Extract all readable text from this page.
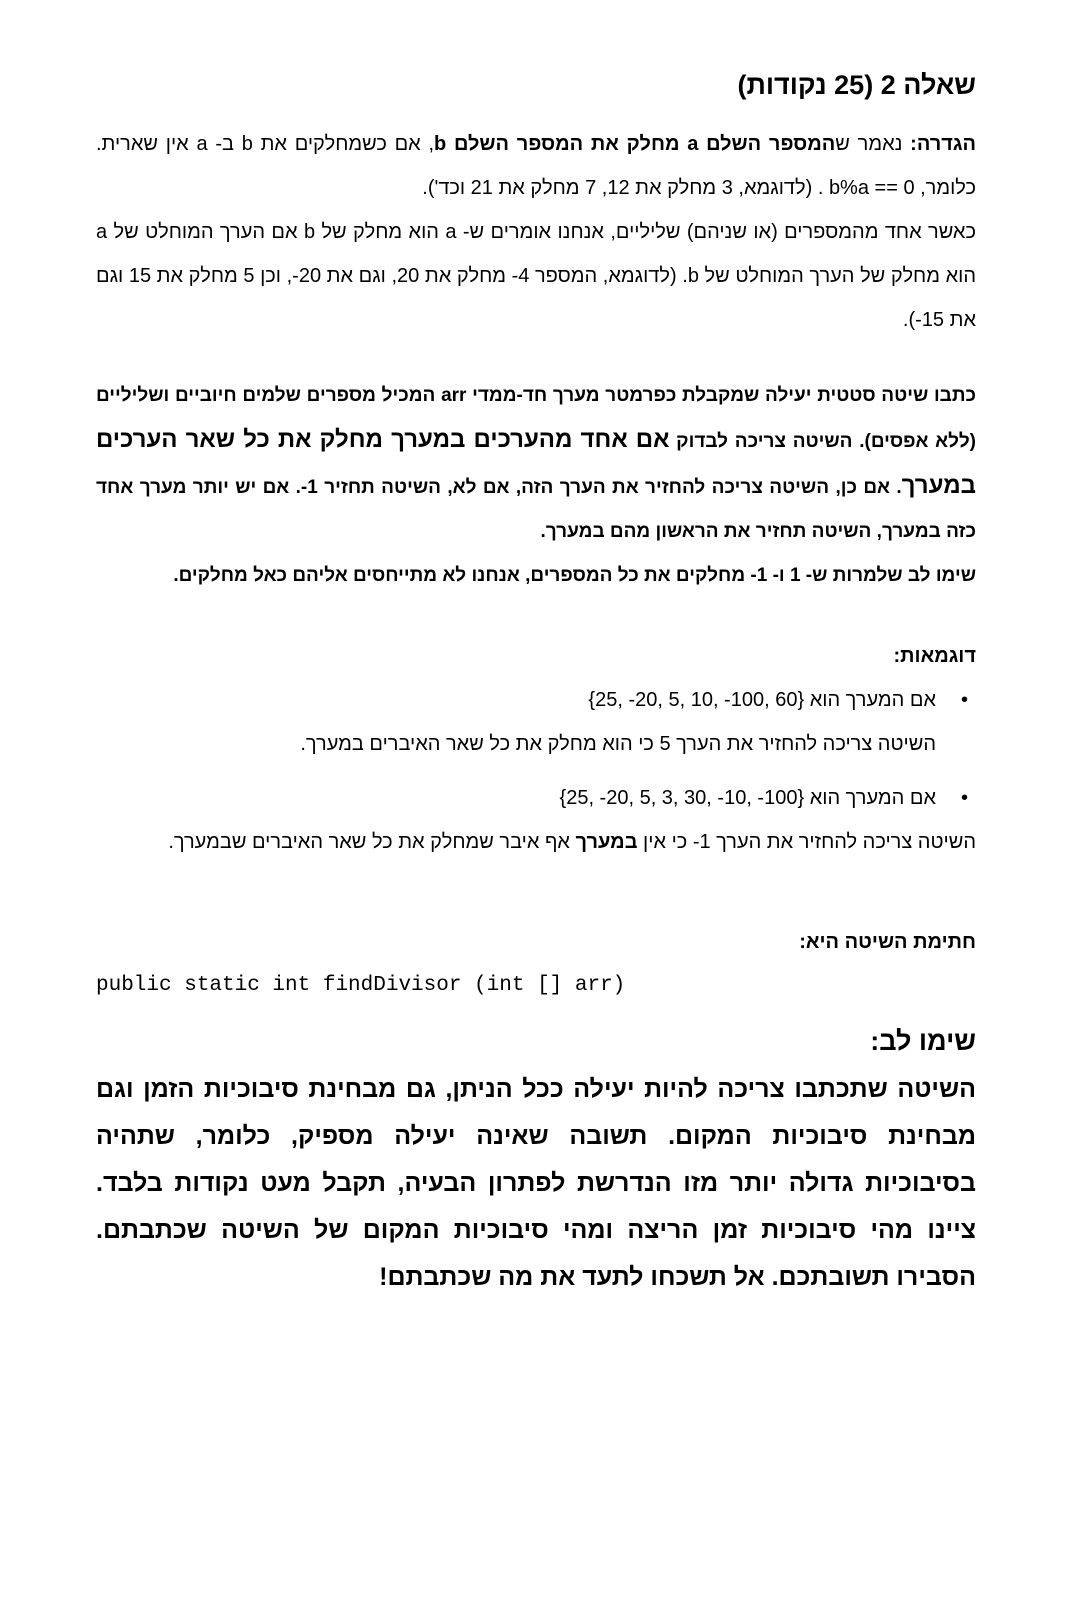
שאלה 2 (25 נקודות)

הגדרה: נאמר שהמספר השלם a מחלק את המספר השלם b, אם כשמחלקים את b ב- a אין שארית. כלומר, b%a == 0 . (לדוגמא, 3 מחלק את 12, 7 מחלק את 21 וכד').

כאשר אחד מהמספרים (או שניהם) שליליים, אנחנו אומרים ש- a הוא מחלק של b אם הערך המוחלט של a הוא מחלק של הערך המוחלט של b. (לדוגמא, המספר 4- מחלק את 20, וגם את 20-, וכן 5 מחלק את 15 וגם את 15-).

כתבו שיטה סטטית יעילה שמקבלת כפרמטר מערך חד-ממדי arr המכיל מספרים שלמים חיוביים ושליליים (ללא אפסים). השיטה צריכה לבדוק אם אחד מהערכים במערך מחלק את כל שאר הערכים במערך. אם כן, השיטה צריכה להחזיר את הערך הזה, אם לא, השיטה תחזיר 1-. אם יש יותר מערך אחד כזה במערך, השיטה תחזיר את הראשון מהם במערך.

שימו לב שלמרות ש- 1 ו- 1- מחלקים את כל המספרים, אנחנו לא מתייחסים אליהם כאל מחלקים.

דוגמאות:

•
אם המערך הוא {25, -20, 5, 10, -100, 60}
השיטה צריכה להחזיר את הערך 5 כי הוא מחלק את כל שאר האיברים במערך.
•
אם המערך הוא {25, -20, 5, 3, 30, -10, -100}

השיטה צריכה להחזיר את הערך 1- כי אין במערך אף איבר שמחלק את כל שאר האיברים שבמערך.

חתימת השיטה היא:

public static int findDivisor (int [] arr)

שימו לב:

השיטה שתכתבו צריכה להיות יעילה ככל הניתן, גם מבחינת סיבוכיות הזמן וגם מבחינת סיבוכיות המקום. תשובה שאינה יעילה מספיק, כלומר, שתהיה בסיבוכיות גדולה יותר מזו הנדרשת לפתרון הבעיה, תקבל מעט נקודות בלבד. ציינו מהי סיבוכיות זמן הריצה ומהי סיבוכיות המקום של השיטה שכתבתם. הסבירו תשובתכם. אל תשכחו לתעד את מה שכתבתם!
